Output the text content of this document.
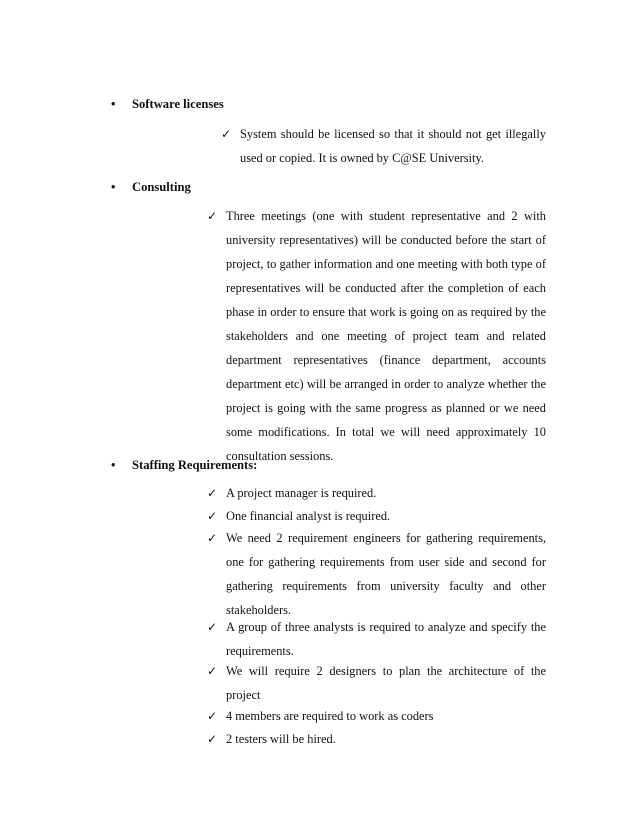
• Software licenses
✓ System should be licensed so that it should not get illegally used or copied. It is owned by C@SE University.
• Consulting
✓ Three meetings (one with student representative and 2 with university representatives) will be conducted before the start of project, to gather information and one meeting with both type of representatives will be conducted after the completion of each phase in order to ensure that work is going on as required by the stakeholders and one meeting of project team and related department representatives (finance department, accounts department etc) will be arranged in order to analyze whether the project is going with the same progress as planned or we need some modifications. In total we will need approximately 10 consultation sessions.
• Staffing Requirements:
✓ A project manager is required.
✓ One financial analyst is required.
✓ We need 2 requirement engineers for gathering requirements, one for gathering requirements from user side and second for gathering requirements from university faculty and other stakeholders.
✓ A group of three analysts is required to analyze and specify the requirements.
✓ We will require 2 designers to plan the architecture of the project
✓ 4 members are required to work as coders
✓ 2 testers will be hired.
